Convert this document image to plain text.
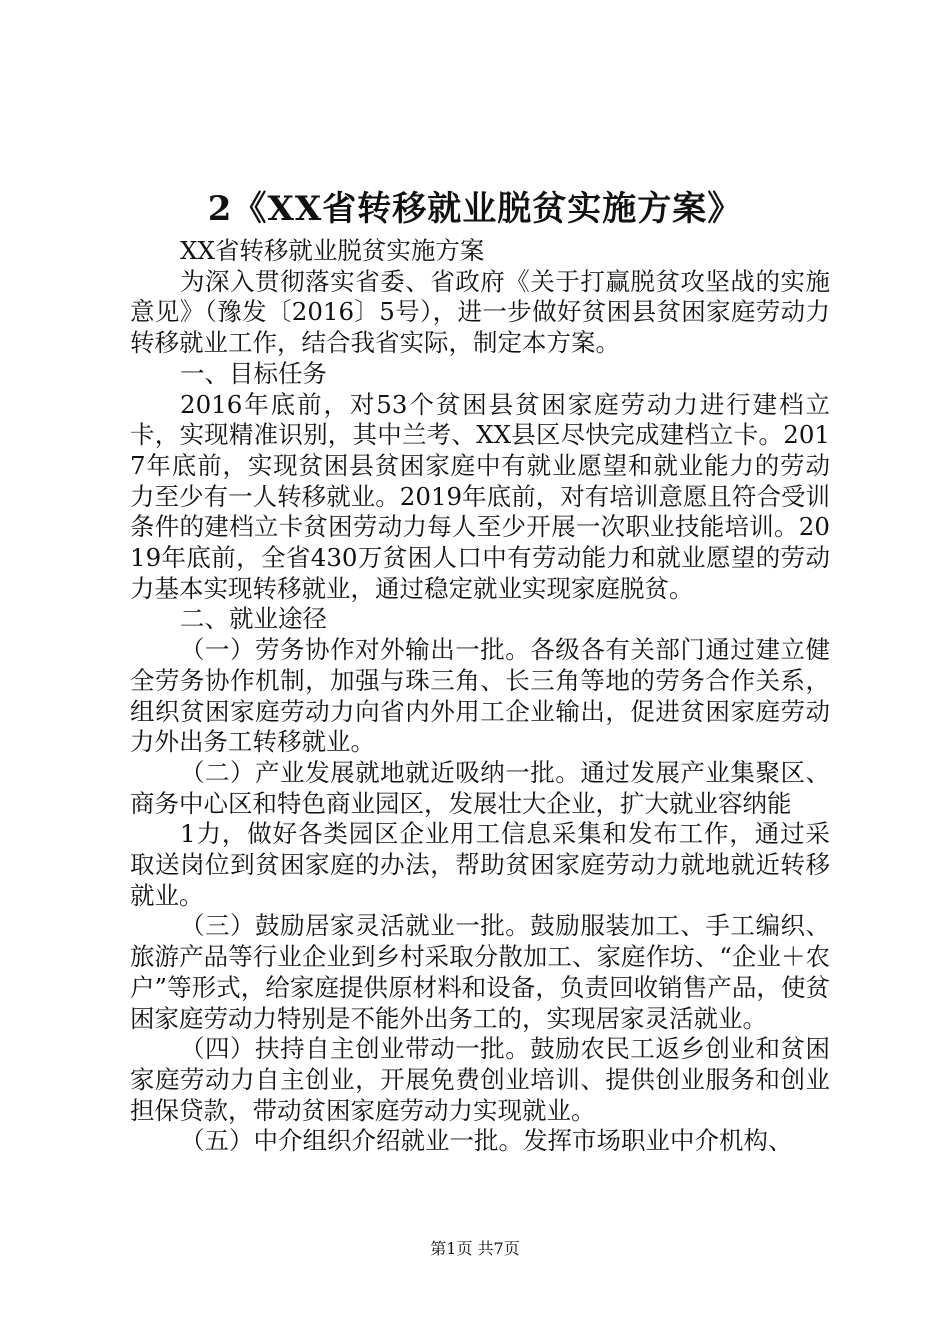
2《XX省转移就业脱贫实施方案》

XX省转移就业脱贫实施方案

为深入贯彻落实省委、省政府《关于打赢脱贫攻坚战的实施意见》（豫发〔2016〕5号），进一步做好贫困县贫困家庭劳动力转移就业工作，结合我省实际，制定本方案。

一、目标任务

2016年底前，对53个贫困县贫困家庭劳动力进行建档立卡，实现精准识别，其中兰考、XX县区尽快完成建档立卡。2017年底前，实现贫困县贫困家庭中有就业愿望和就业能力的劳动力至少有一人转移就业。2019年底前，对有培训意愿且符合受训条件的建档立卡贫困劳动力每人至少开展一次职业技能培训。2019年底前，全省430万贫困人口中有劳动能力和就业愿望的劳动力基本实现转移就业，通过稳定就业实现家庭脱贫。

二、就业途径

（一）劳务协作对外输出一批。各级各有关部门通过建立健全劳务协作机制，加强与珠三角、长三角等地的劳务合作关系，组织贫困家庭劳动力向省内外用工企业输出，促进贫困家庭劳动力外出务工转移就业。

（二）产业发展就地就近吸纳一批。通过发展产业集聚区、商务中心区和特色商业园区，发展壮大企业，扩大就业容纳能

1力，做好各类园区企业用工信息采集和发布工作，通过采取送岗位到贫困家庭的办法，帮助贫困家庭劳动力就地就近转移就业。

（三）鼓励居家灵活就业一批。鼓励服装加工、手工编织、旅游产品等行业企业到乡村采取分散加工、家庭作坊、“企业＋农户”等形式，给家庭提供原材料和设备，负责回收销售产品，使贫困家庭劳动力特别是不能外出务工的，实现居家灵活就业。

（四）扶持自主创业带动一批。鼓励农民工返乡创业和贫困家庭劳动力自主创业，开展免费创业培训、提供创业服务和创业担保贷款，带动贫困家庭劳动力实现就业。

（五）中介组织介绍就业一批。发挥市场职业中介机构、

第1页 共7页
